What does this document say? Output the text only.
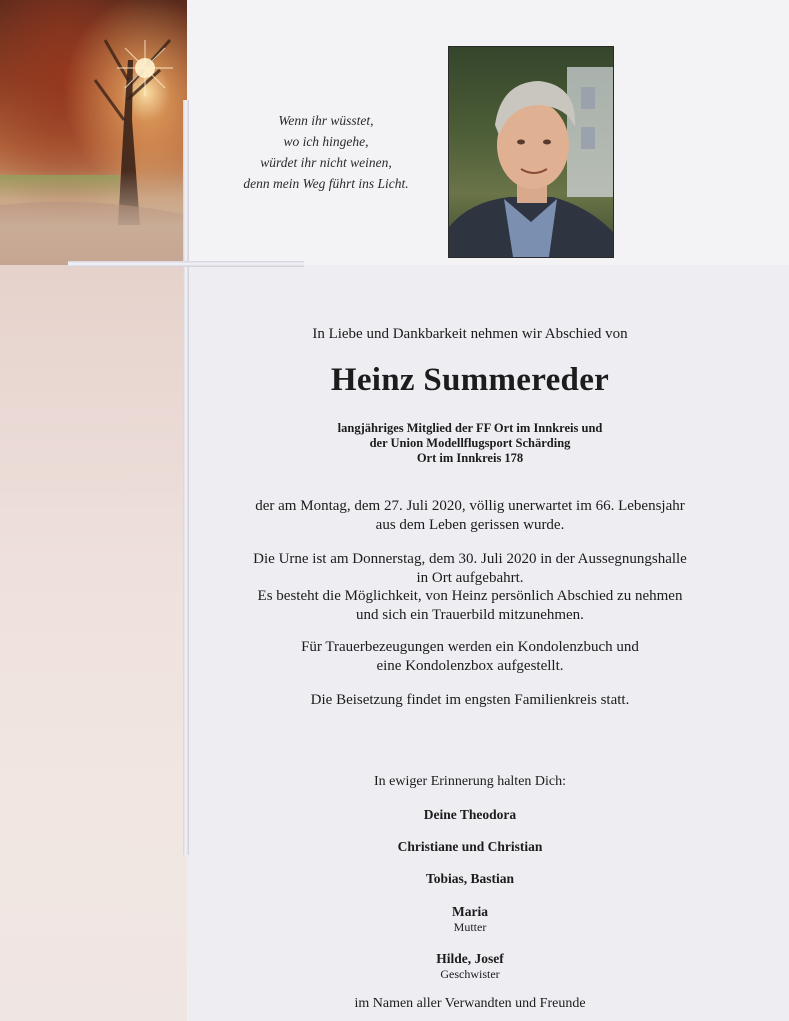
Wenn ihr wüsstet,
wo ich hingehe,
würdet ihr nicht weinen,
denn mein Weg führt ins Licht.
In Liebe und Dankbarkeit nehmen wir Abschied von
Heinz Summereder
langjähriges Mitglied der FF Ort im Innkreis und
der Union Modellflugsport Schärding
Ort im Innkreis 178
der am Montag, dem 27. Juli 2020, völlig unerwartet im 66. Lebensjahr
aus dem Leben gerissen wurde.
Die Urne ist am Donnerstag, dem 30. Juli 2020 in der Aussegnungshalle
in Ort aufgebahrt.
Es besteht die Möglichkeit, von Heinz persönlich Abschied zu nehmen
und sich ein Trauerbild mitzunehmen.
Für Trauerbezeugungen werden ein Kondolenzbuch und
eine Kondolenzbox aufgestellt.
Die Beisetzung findet im engsten Familienkreis statt.
In ewiger Erinnerung halten Dich:
Deine Theodora
Christiane und Christian
Tobias, Bastian
Maria
Mutter
Hilde, Josef
Geschwister
im Namen aller Verwandten und Freunde
